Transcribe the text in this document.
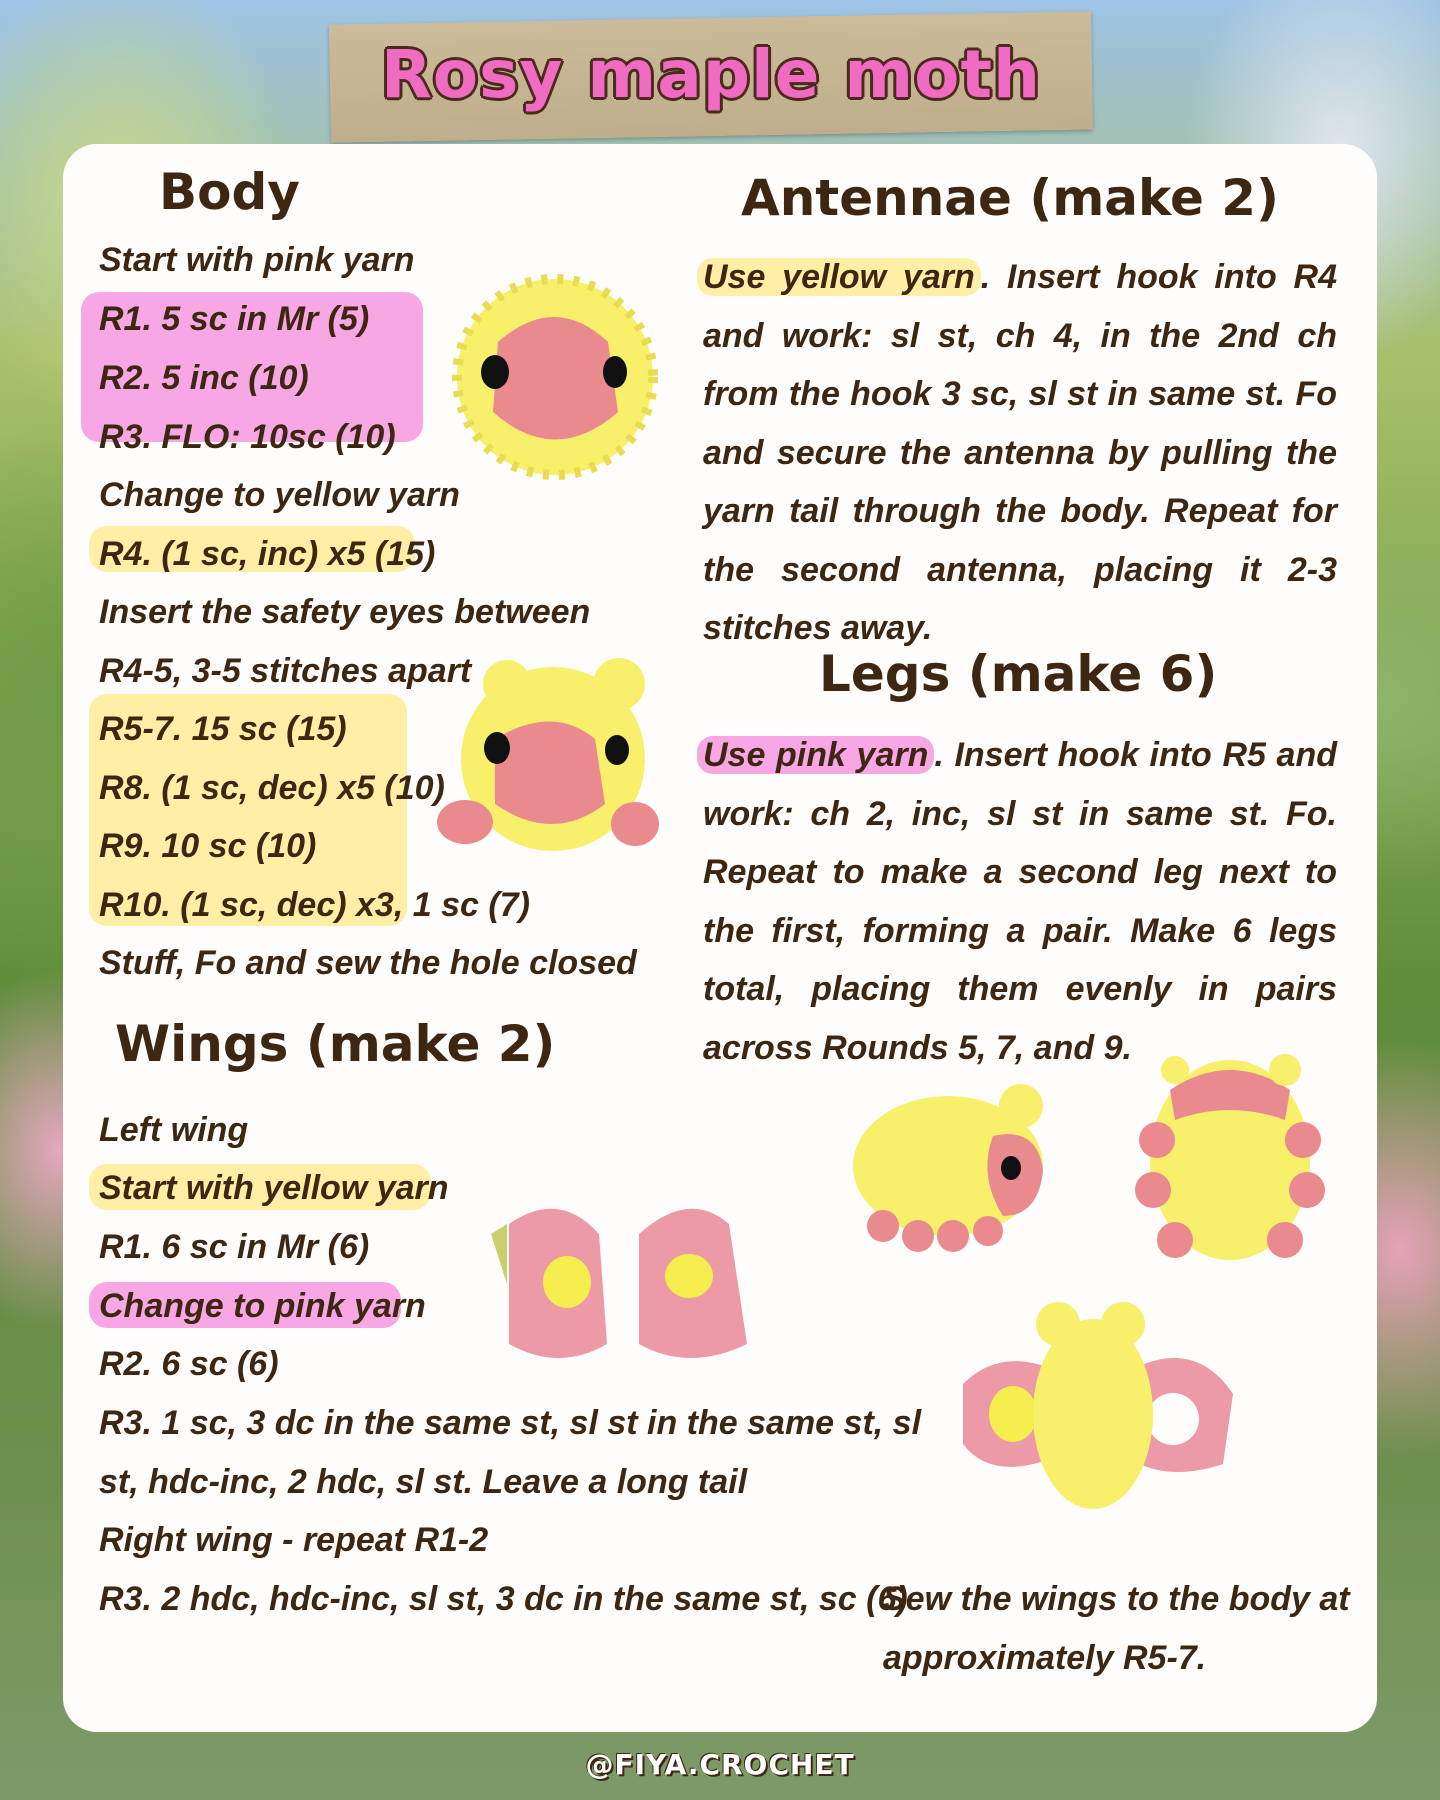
Rosy maple moth
Body
Start with pink yarn
R1. 5 sc in Mr (5)
R2. 5 inc (10)
R3. FLO: 10sc (10)
Change to yellow yarn
R4. (1 sc, inc) x5 (15)
Insert the safety eyes between
R4-5, 3-5 stitches apart
R5-7. 15 sc (15)
R8. (1 sc, dec) x5 (10)
R9. 10 sc (10)
R10. (1 sc, dec) x3, 1 sc (7)
Stuff, Fo and sew the hole closed
Wings (make 2)
Left wing
Start with yellow yarn
R1. 6 sc in Mr (6)
Change to pink yarn
R2. 6 sc (6)
R3. 1 sc, 3 dc in the same st, sl st in the same st, sl
st, hdc-inc, 2 hdc, sl st. Leave a long tail
Right wing - repeat R1-2
R3. 2 hdc, hdc-inc, sl st, 3 dc in the same st, sc (6)
Sew the wings to the body at
approximately R5-7.
Antennae (make 2)
Use yellow yarn . Insert hook into R4 and work: sl st, ch 4, in the 2nd ch from the hook 3 sc, sl st in same st. Fo and secure the antenna by pulling the yarn tail through the body. Repeat for the second antenna, placing it 2-3 stitches away.
Legs (make 6)
Use pink yarn . Insert hook into R5 and work: ch 2, inc, sl st in same st. Fo. Repeat to make a second leg next to the first, forming a pair. Make 6 legs total, placing them evenly in pairs across Rounds 5, 7, and 9.
@FIYA.CROCHET
